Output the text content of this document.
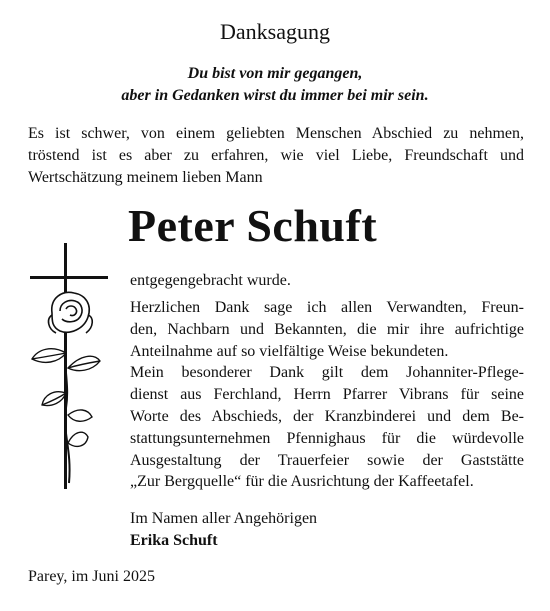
Danksagung
Du bist von mir gegangen,
aber in Gedanken wirst du immer bei mir sein.
Es ist schwer, von einem geliebten Menschen Abschied zu nehmen,
tröstend ist es aber zu erfahren, wie viel Liebe, Freundschaft und
Wertschätzung meinem lieben Mann
Peter Schuft
entgegengebracht wurde.
Herzlichen Dank sage ich allen Verwandten, Freun-
den, Nachbarn und Bekannten, die mir ihre aufrichtige
Anteilnahme auf so vielfältige Weise bekundeten.
Mein besonderer Dank gilt dem Johanniter-Pflege-
dienst aus Ferchland, Herrn Pfarrer Vibrans für seine
Worte des Abschieds, der Kranzbinderei und dem Be-
stattungsunternehmen Pfennighaus für die würdevolle
Ausgestaltung der Trauerfeier sowie der Gaststätte
„Zur Bergquelle“ für die Ausrichtung der Kaffeetafel.
Im Namen aller Angehörigen
Erika Schuft
Parey, im Juni 2025
